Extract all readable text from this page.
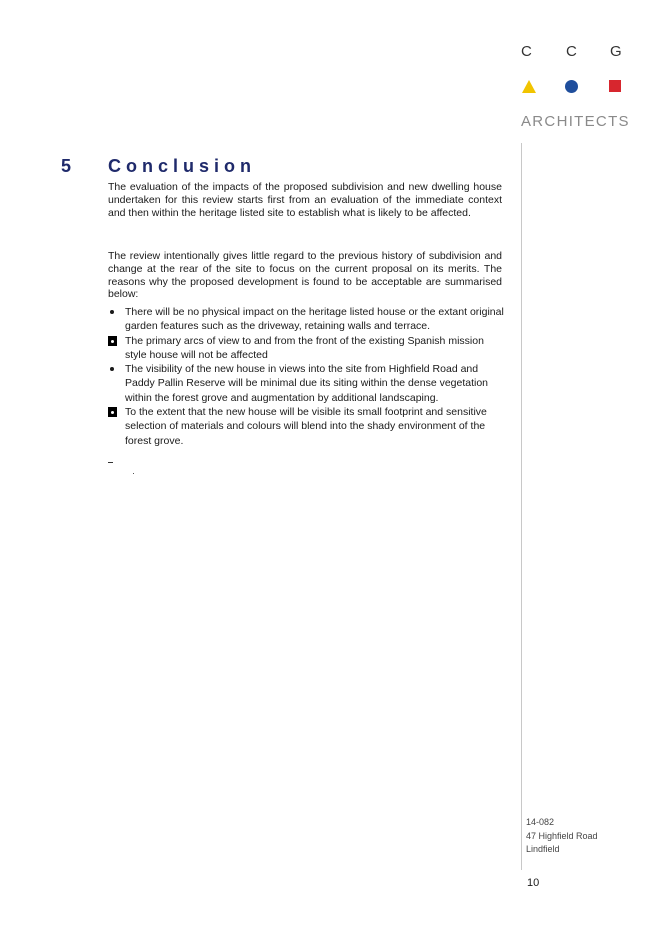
C C G
ARCHITECTS
5 Conclusion

The evaluation of the impacts of the proposed subdivision and new dwelling house undertaken for this review starts first from an evaluation of the immediate context and then within the heritage listed site to establish what is likely to be affected.

The review intentionally gives little regard to the previous history of subdivision and change at the rear of the site to focus on the current proposal on its merits. The reasons why the proposed development is found to be acceptable are summarised below:

There will be no physical impact on the heritage listed house or the extant original garden features such as the driveway, retaining walls and terrace.
The primary arcs of view to and from the front of the existing Spanish mission style house will not be affected
The visibility of the new house in views into the site from Highfield Road and Paddy Pallin Reserve will be minimal due its siting within the dense vegetation within the forest grove and augmentation by additional landscaping.
To the extent that the new house will be visible its small footprint and sensitive selection of materials and colours will blend into the shady environment of the forest grove.
14-082
47 Highfield Road
Lindfield
10
